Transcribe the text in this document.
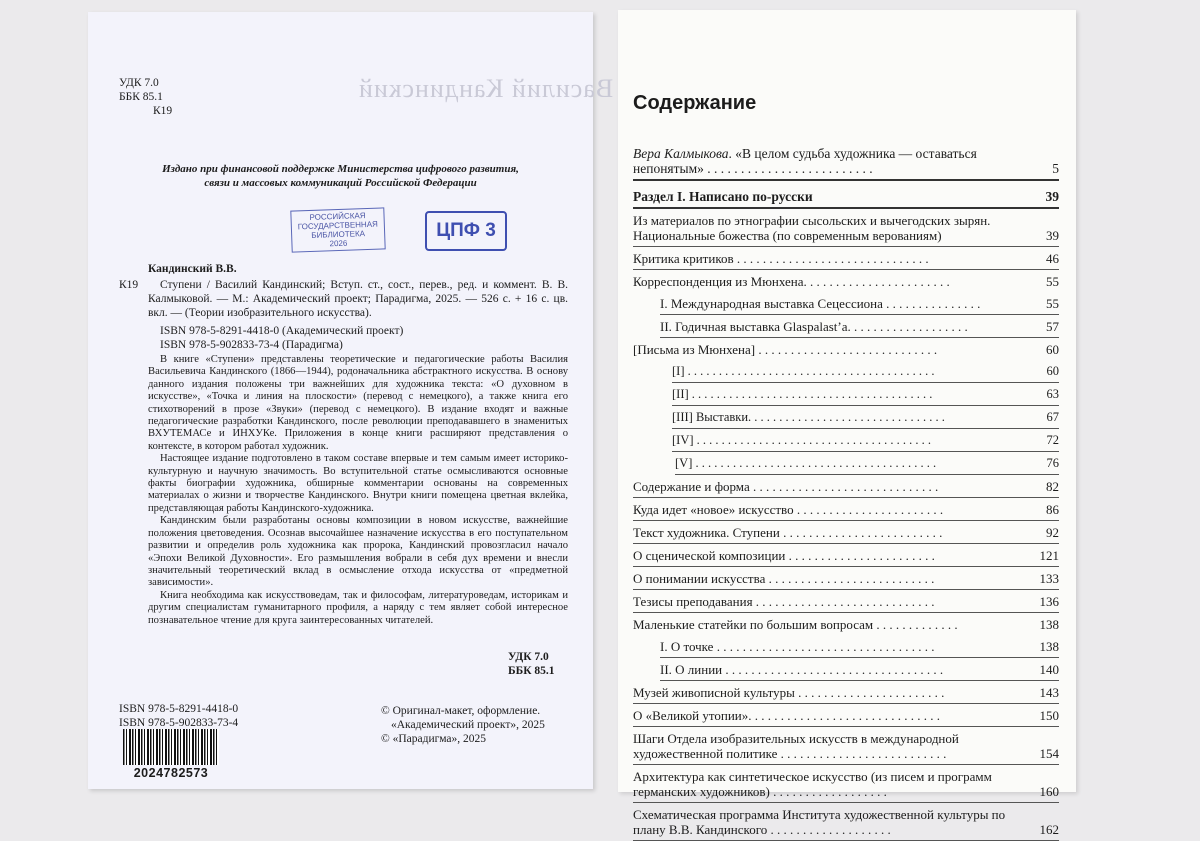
Василий Кандинский
УДК 7.0
ББК 85.1
К19
Издано при финансовой поддержке Министерства цифрового развития,
связи и массовых коммуникаций Российской Федерации
РОССИЙСКАЯ
ГОСУДАРСТВЕННАЯ
БИБЛИОТЕКА
2026
ЦПФ 3
Кандинский В.В.
К19	Ступени / Василий Кандинский; Вступ. ст., сост., перев., ред. и коммент. В. В. Калмыковой. — М.: Академический проект; Парадигма, 2025. — 526 с. + 16 с. цв. вкл. — (Теории изобразительного искусства).
ISBN 978-5-8291-4418-0 (Академический проект)
ISBN 978-5-902833-73-4 (Парадигма)

В книге «Ступени» представлены теоретические и педагогические работы Василия Васильевича Кандинского (1866—1944), родоначальника абстрактного искусства. В основу данного издания положены три важнейших для художника текста: «О духовном в искусстве», «Точка и линия на плоскости» (перевод с немецкого), а также книга его стихотворений в прозе «Звуки» (перевод с немецкого). В издание входят и важные педагогические разработки Кандинского, после революции преподававшего в знаменитых ВХУТЕМАСе и ИНХУКе. Приложения в конце книги расширяют представления о контексте, в котором работал художник.

Настоящее издание подготовлено в таком составе впервые и тем самым имеет историко-культурную и научную значимость. Во вступительной статье осмысливаются основные факты биографии художника, обширные комментарии основаны на современных материалах о жизни и творчестве Кандинского. Внутри книги помещена цветная вклейка, представляющая работы Кандинского-художника.

Кандинским были разработаны основы композиции в новом искусстве, важнейшие положения цветоведения. Осознав высочайшее назначение искусства в его поступательном развитии и определив роль художника как пророка, Кандинский провозгласил начало «Эпохи Великой Духовности». Его размышления вобрали в себя дух времени и внесли значительный теоретический вклад в осмысление отхода искусства от «предметной зависимости».

Книга необходима как искусствоведам, так и философам, литературоведам, историкам и другим специалистам гуманитарного профиля, а наряду с тем являет собой интересное познавательное чтение для круга заинтересованных читателей.

УДК 7.0
ББК 85.1
ISBN 978-5-8291-4418-0
ISBN 978-5-902833-73-4
© Оригинал-макет, оформление.
«Академический проект», 2025
© «Парадигма», 2025
2024782573
Содержание
Вера Калмыкова. «В целом судьба художника — оставаться непонятым» . . . . . . . . . . . . . . . . . . . . . . . . .	5
Раздел I. Написано по-русски	39
Из материалов по этнографии сысольских и вычегодских зырян. Национальные божества (по современным верованиям)	39
Критика критиков . . . . . . . . . . . . . . . . . . . . . . . . . . . . . .	46
Корреспонденция из Мюнхена. . . . . . . . . . . . . . . . . . . . . . .	55
I. Международная выставка Сецессиона . . . . . . . . . . . . . . .	55
II. Годичная выставка Glaspalast’а. . . . . . . . . . . . . . . . . . .	57
[Письма из Мюнхена] . . . . . . . . . . . . . . . . . . . . . . . . . . . .	60
[I] . . . . . . . . . . . . . . . . . . . . . . . . . . . . . . . . . . . . . . . .	60
[II] . . . . . . . . . . . . . . . . . . . . . . . . . . . . . . . . . . . . . . .	63
[III] Выставки. . . . . . . . . . . . . . . . . . . . . . . . . . . . . . . .	67
[IV] . . . . . . . . . . . . . . . . . . . . . . . . . . . . . . . . . . . . . .	72
[V] . . . . . . . . . . . . . . . . . . . . . . . . . . . . . . . . . . . . . . .	76
Содержание и форма . . . . . . . . . . . . . . . . . . . . . . . . . . . . .	82
Куда идет «новое» искусство . . . . . . . . . . . . . . . . . . . . . . .	86
Текст художника. Ступени . . . . . . . . . . . . . . . . . . . . . . . . .	92
О сценической композиции . . . . . . . . . . . . . . . . . . . . . . .	121
О понимании искусства . . . . . . . . . . . . . . . . . . . . . . . . . .	133
Тезисы преподавания . . . . . . . . . . . . . . . . . . . . . . . . . . . .	136
Маленькие статейки по большим вопросам . . . . . . . . . . . . .	138
I. О точке . . . . . . . . . . . . . . . . . . . . . . . . . . . . . . . . . .	138
II. О линии . . . . . . . . . . . . . . . . . . . . . . . . . . . . . . . . . .	140
Музей живописной культуры . . . . . . . . . . . . . . . . . . . . . . .	143
О «Великой утопии». . . . . . . . . . . . . . . . . . . . . . . . . . . . . .	150
Шаги Отдела изобразительных искусств в международной художественной политике . . . . . . . . . . . . . . . . . . . . . . . . . .	154
Архитектура как синтетическое искусство (из писем и программ германских художников) . . . . . . . . . . . . . . . . . .	160
Схематическая программа Института художественной культуры по плану В.В. Кандинского . . . . . . . . . . . . . . . . . . .	162
